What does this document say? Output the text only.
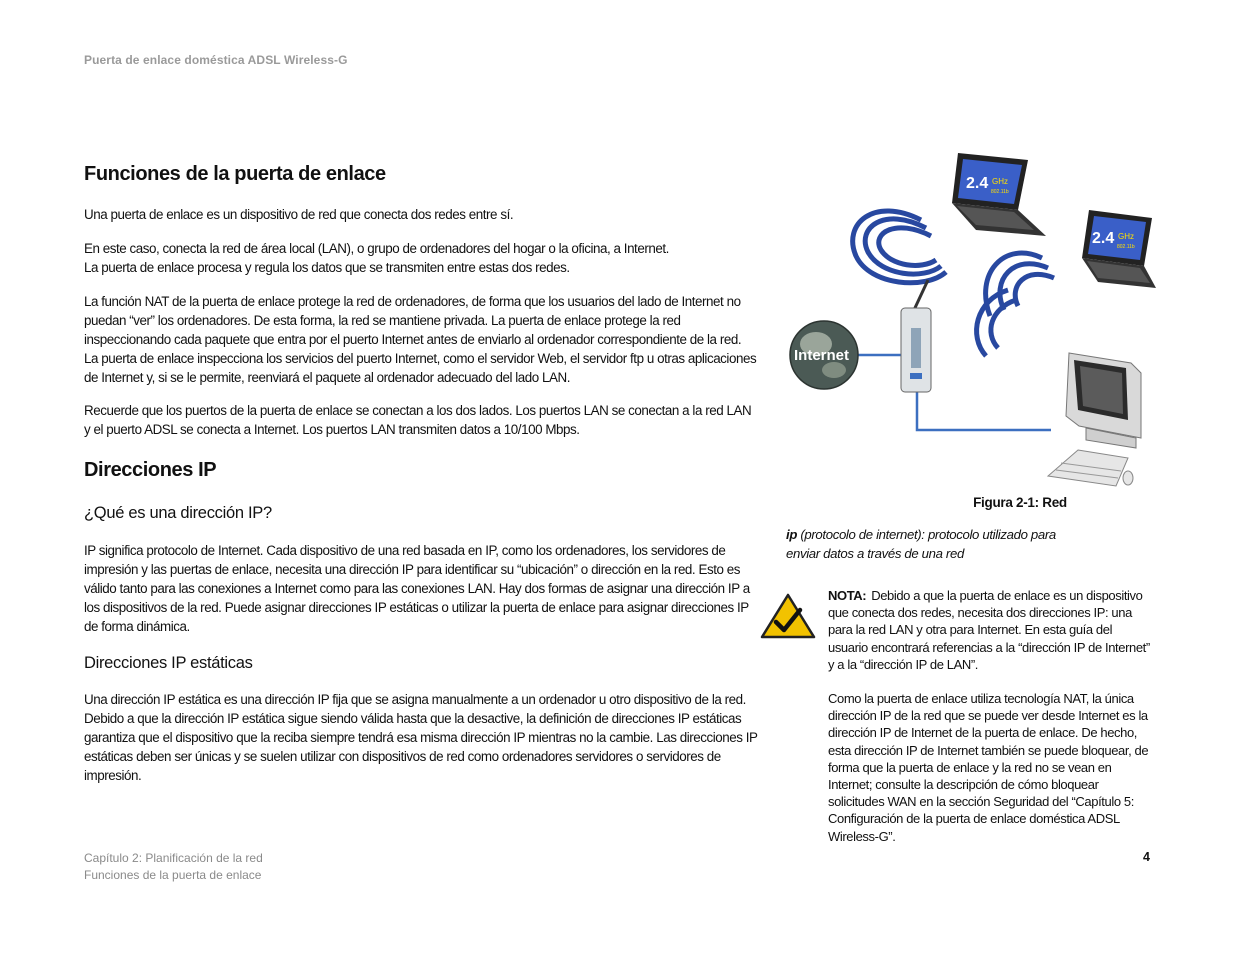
Puerta de enlace doméstica ADSL Wireless-G
Funciones de la puerta de enlace

Una puerta de enlace es un dispositivo de red que conecta dos redes entre sí.

En este caso, conecta la red de área local (LAN), o grupo de ordenadores del hogar o la oficina, a Internet.
La puerta de enlace procesa y regula los datos que se transmiten entre estas dos redes.

La función NAT de la puerta de enlace protege la red de ordenadores, de forma que los usuarios del lado de Internet no puedan “ver” los ordenadores. De esta forma, la red se mantiene privada. La puerta de enlace protege la red inspeccionando cada paquete que entra por el puerto Internet antes de enviarlo al ordenador correspondiente de la red. La puerta de enlace inspecciona los servicios del puerto Internet, como el servidor Web, el servidor ftp u otras aplicaciones de Internet y, si se le permite, reenviará el paquete al ordenador adecuado del lado LAN.

Recuerde que los puertos de la puerta de enlace se conectan a los dos lados. Los puertos LAN se conectan a la red LAN y el puerto ADSL se conecta a Internet. Los puertos LAN transmiten datos a 10/100 Mbps.

Direcciones IP
¿Qué es una dirección IP?

IP significa protocolo de Internet. Cada dispositivo de una red basada en IP, como los ordenadores, los servidores de impresión y las puertas de enlace, necesita una dirección IP para identificar su “ubicación” o dirección en la red. Esto es válido tanto para las conexiones a Internet como para las conexiones LAN. Hay dos formas de asignar una dirección IP a los dispositivos de la red. Puede asignar direcciones IP estáticas o utilizar la puerta de enlace para asignar direcciones IP de forma dinámica.

Direcciones IP estáticas

Una dirección IP estática es una dirección IP fija que se asigna manualmente a un ordenador u otro dispositivo de la red. Debido a que la dirección IP estática sigue siendo válida hasta que la desactive, la definición de direcciones IP estáticas garantiza que el dispositivo que la reciba siempre tendrá esa misma dirección IP mientras no la cambie. Las direcciones IP estáticas deben ser únicas y se suelen utilizar con dispositivos de red como ordenadores servidores o servidores de impresión.

Internet
2.4 GHz
802.11b
2.4 GHz
802.11b
Figura 2-1: Red
ip (protocolo de internet): protocolo utilizado para
enviar datos a través de una red

NOTA: Debido a que la puerta de enlace es un dispositivo que conecta dos redes, necesita dos direcciones IP: una para la red LAN y otra para Internet. En esta guía del usuario encontrará referencias a la “dirección IP de Internet” y a la “dirección IP de LAN”.

Como la puerta de enlace utiliza tecnología NAT, la única dirección IP de la red que se puede ver desde Internet es la dirección IP de Internet de la puerta de enlace. De hecho, esta dirección IP de Internet también se puede bloquear, de forma que la puerta de enlace y la red no se vean en Internet; consulte la descripción de cómo bloquear solicitudes WAN en la sección Seguridad del “Capítulo 5: Configuración de la puerta de enlace doméstica ADSL Wireless-G”.

Capítulo 2: Planificación de la red
Funciones de la puerta de enlace
4
